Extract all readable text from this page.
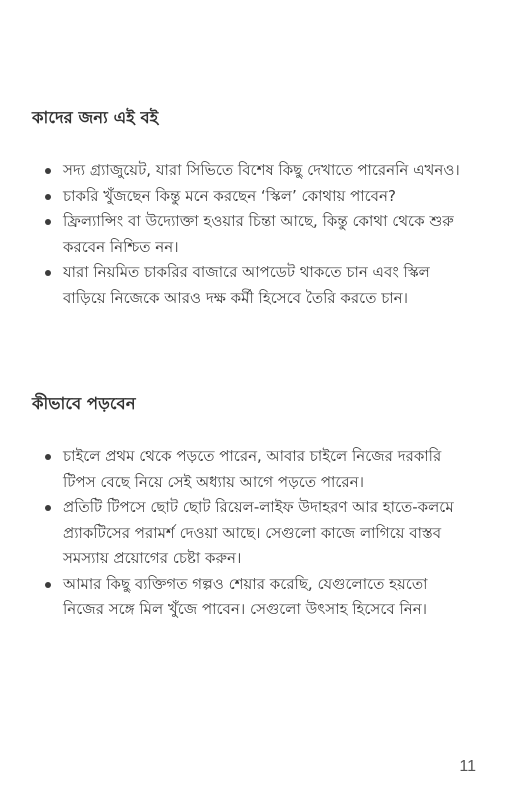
কাদের জন্য এই বই
সদ্য গ্র্যাজুয়েট, যারা সিভিতে বিশেষ কিছু দেখাতে পারেননি এখনও।
চাকরি খুঁজছেন কিন্তু মনে করছেন ‘স্কিল’ কোথায় পাবেন?
ফ্রিল্যান্সিং বা উদ্যোক্তা হওয়ার চিন্তা আছে, কিন্তু কোথা থেকে শুরু করবেন নিশ্চিত নন।
যারা নিয়মিত চাকরির বাজারে আপডেট থাকতে চান এবং স্কিল বাড়িয়ে নিজেকে আরও দক্ষ কর্মী হিসেবে তৈরি করতে চান।
কীভাবে পড়বেন
চাইলে প্রথম থেকে পড়তে পারেন, আবার চাইলে নিজের দরকারি টিপস বেছে নিয়ে সেই অধ্যায় আগে পড়তে পারেন।
প্রতিটি টিপসে ছোট ছোট রিয়েল-লাইফ উদাহরণ আর হাতে-কলমে প্র্যাকটিসের পরামর্শ দেওয়া আছে। সেগুলো কাজে লাগিয়ে বাস্তব সমস্যায় প্রয়োগের চেষ্টা করুন।
আমার কিছু ব্যক্তিগত গল্পও শেয়ার করেছি, যেগুলোতে হয়তো নিজের সঙ্গে মিল খুঁজে পাবেন। সেগুলো উৎসাহ হিসেবে নিন।
11
